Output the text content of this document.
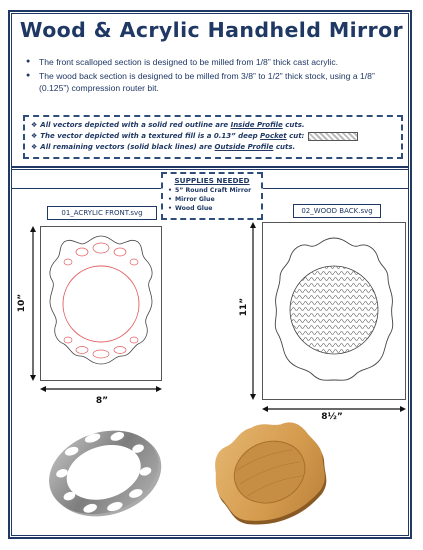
Wood & Acrylic Handheld Mirror
● The front scalloped section is designed to be milled from 1/8” thick cast acrylic.
● The wood back section is designed to be milled from 3/8” to 1/2” thick stock, using a 1/8” (0.125”) compression router bit.
❖ All vectors depicted with a solid red outline are Inside Profile cuts.
❖ The vector depicted with a textured fill is a 0.13” deep Pocket cut:
❖ All remaining vectors (solid black lines) are Outside Profile cuts.
SUPPLIES NEEDED
• 5” Round Craft Mirror
• Mirror Glue
• Wood Glue
01_ACRYLIC FRONT.svg
10”
8”
02_WOOD BACK.svg
11”
8½”
